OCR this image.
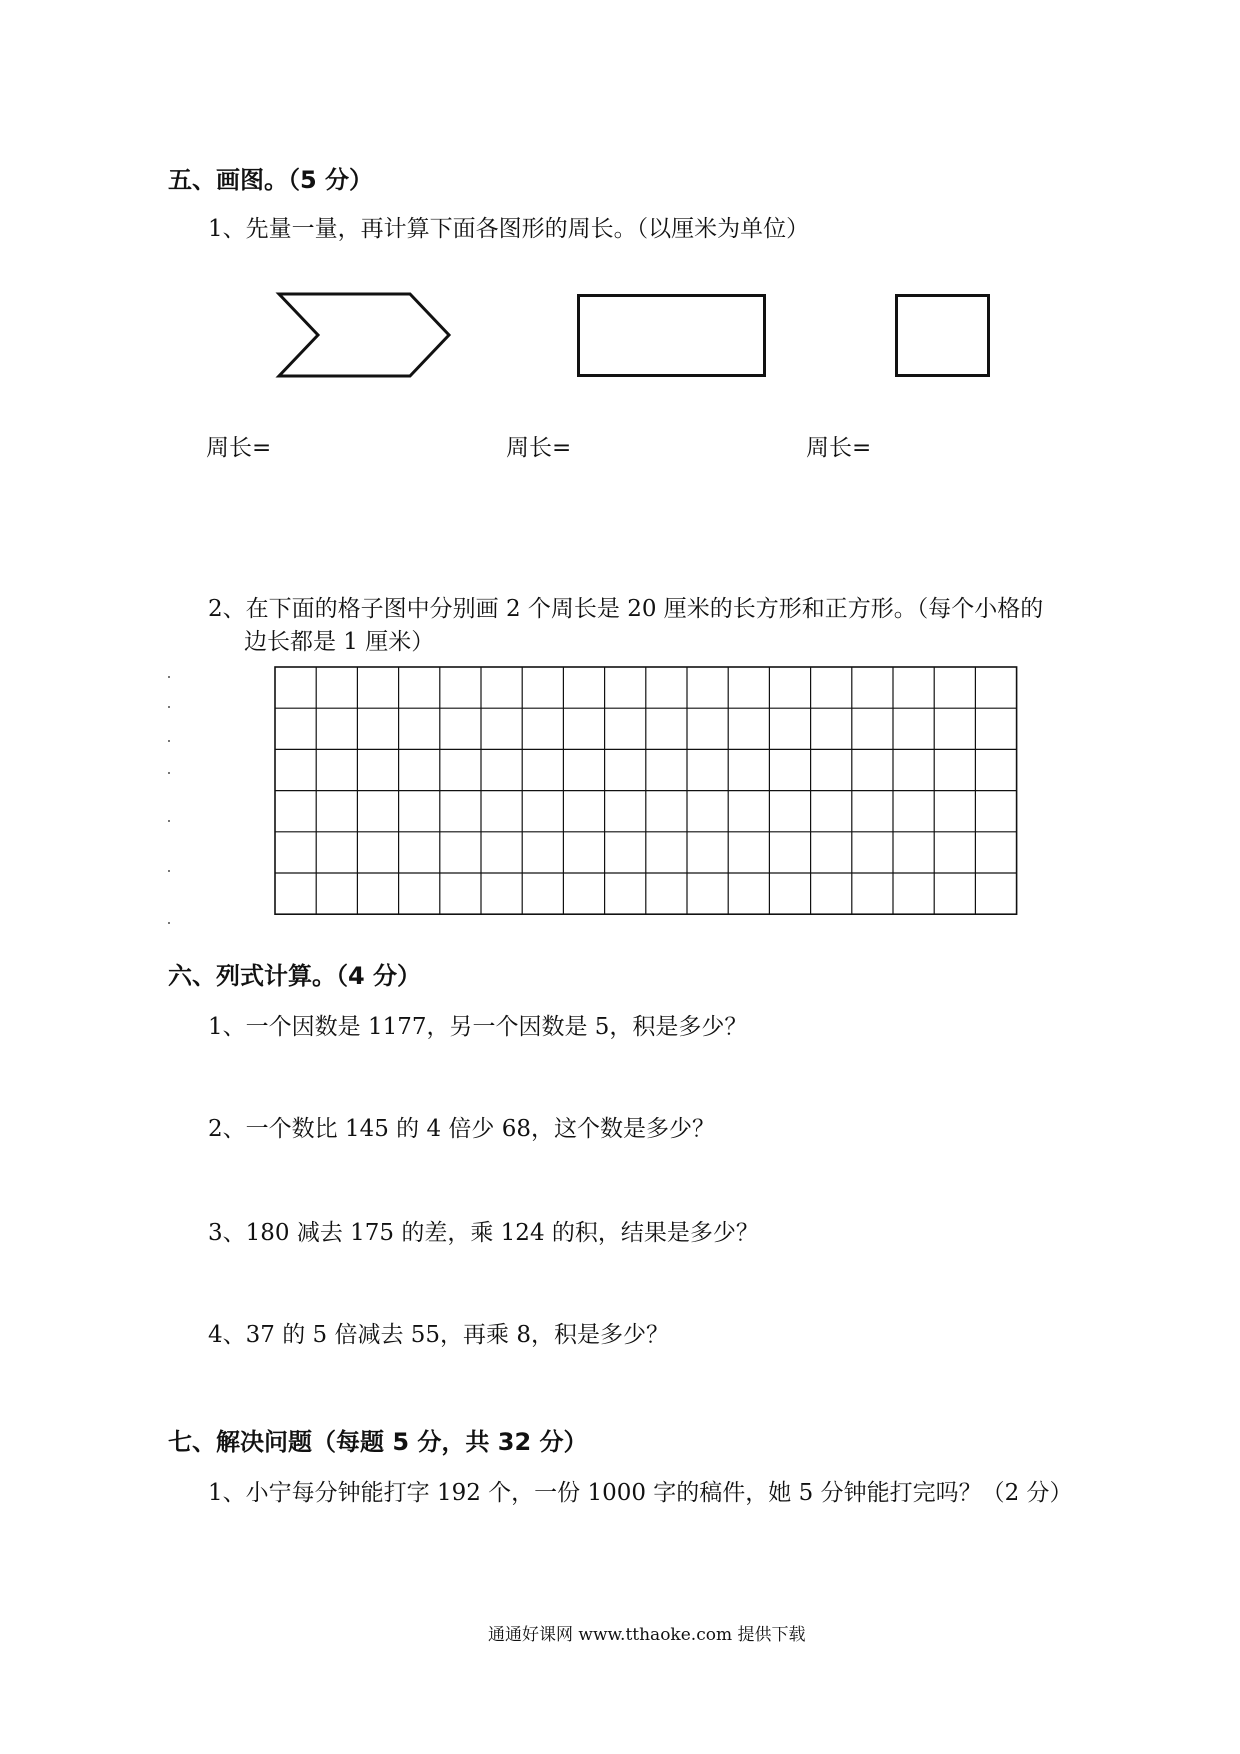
五、画图。（5 分）
1、先量一量，再计算下面各图形的周长。（以厘米为单位）
周长=	周长=	周长=
2、在下面的格子图中分别画 2 个周长是 20 厘米的长方形和正方形。（每个小格的
边长都是 1 厘米）
六、列式计算。（4 分）
1、一个因数是 1177，另一个因数是 5，积是多少？
2、一个数比 145 的 4 倍少 68，这个数是多少？
3、180 减去 175 的差，乘 124 的积，结果是多少？
4、37 的 5 倍减去 55，再乘 8，积是多少？
七、解决问题（每题 5 分，共 32 分）
1、小宁每分钟能打字 192 个，一份 1000 字的稿件，她 5 分钟能打完吗？（2 分）
通通好课网 www.tthaoke.com 提供下载
